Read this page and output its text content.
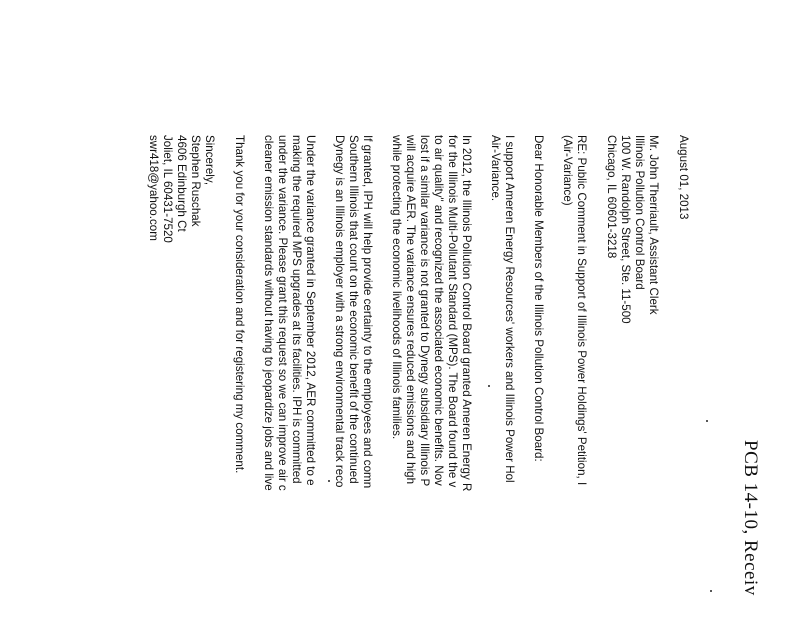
PCB 14-10, Receiv
August 01, 2013
Mr. John Therriault, Assistant Clerk
Illinois Pollution Control Board
100 W. Randolph Street, Ste. 11-500
Chicago, IL 60601-3218
RE: Public Comment in Support of Illinois Power Holdings' Petition, I
(Air-Variance)
Dear Honorable Members of the Illinois Pollution Control Board:
I support Ameren Energy Resources' workers and Illinois Power Hol
Air-Variance.
In 2012, the Illinois Pollution Control Board granted Ameren Energy R
for the Illinois Multi-Pollutant Standard (MPS). The Board found the v
to air quality" and recognized the associated economic benefits. Nov
lost if a similar variance is not granted to Dynegy subsidiary Illinois P
will acquire AER. The variance ensures reduced emissions and high
while protecting the economic livelihoods of Illinois families.
If granted, IPH will help provide certainty to the employees and comn
Southern Illinois that count on the economic benefit of the continued
Dynegy is an Illinois employer with a strong environmental track reco
Under the variance granted in September 2012, AER committed to e
making the required MPS upgrades at its facilities. IPH is committed
under the variance. Please grant this request so we can improve air c
cleaner emission standards without having to jeopardize jobs and live
Thank you for your consideration and for registering my comment.
Sincerely,
Stephen Ruschak
4606 Edinburgh Ct
Joliet, IL 60431-7520
swr418@yahoo.com
